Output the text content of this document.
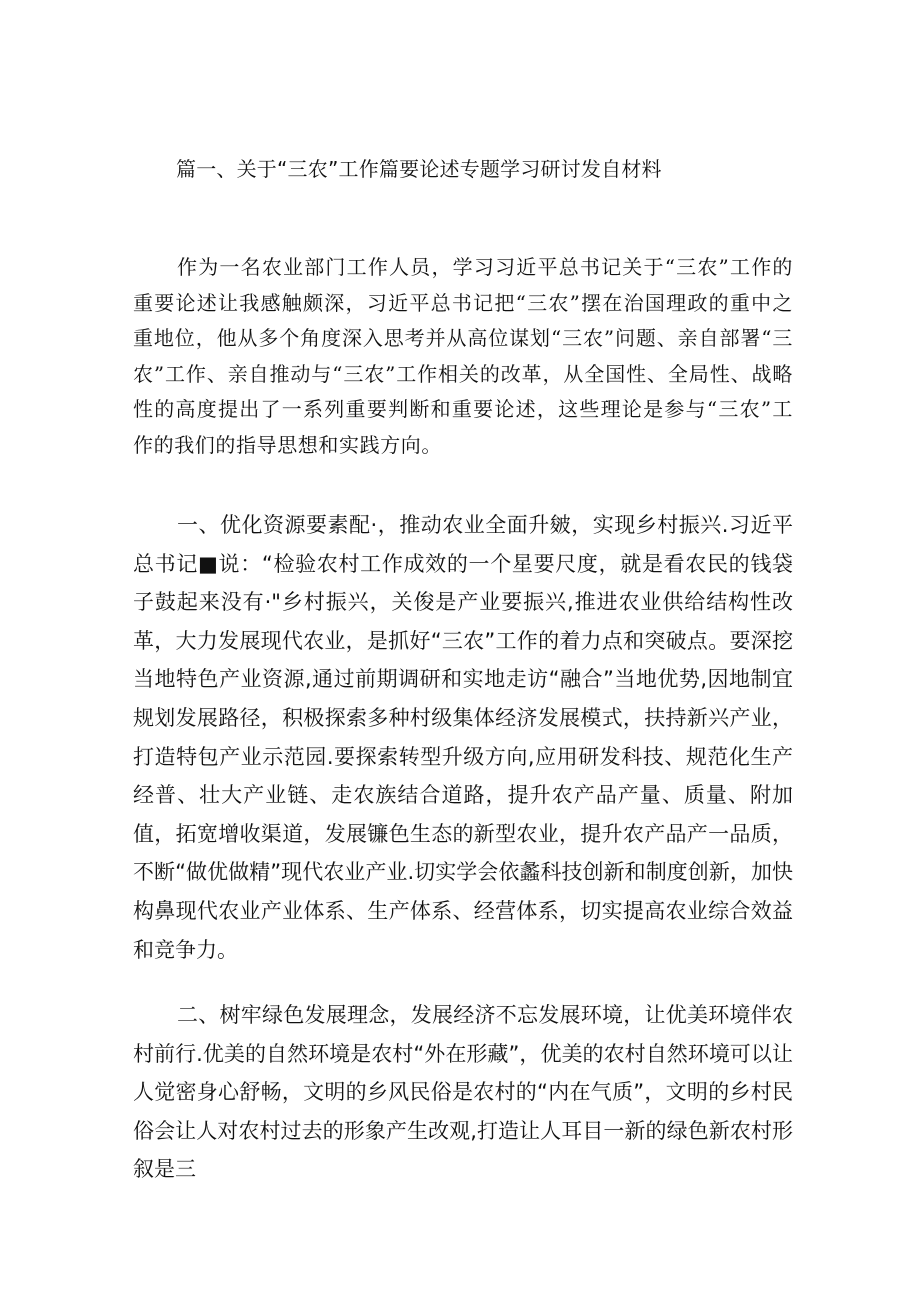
篇一、关于“三农”工作篇要论述专题学习研讨发自材料

作为一名农业部门工作人员，学习习近平总书记关于“三农”工作的重要论述让我感触颇深，习近平总书记把“三农”摆在治国理政的重中之重地位，他从多个角度深入思考并从高位谋划“三农”问题、亲自部署“三农”工作、亲自推动与“三农”工作相关的改革，从全国性、全局性、战略性的高度提出了一系列重要判断和重要论述，这些理论是参与“三农”工作的我们的指导思想和实践方向。

一、优化资源要素配·，推动农业全面升皴，实现乡村振兴.习近平总书记■说：“检验农村工作成效的一个星要尺度，就是看农民的钱袋子鼓起来没有·"乡村振兴，关俊是产业要振兴,推进农业供给结构性改革，大力发展现代农业，是抓好“三农”工作的着力点和突破点。要深挖当地特色产业资源,通过前期调研和实地走访“融合”当地优势,因地制宜规划发展路径，积极探索多种村级集体经济发展模式，扶持新兴产业，打造特包产业示范园.要探索转型升级方向,应用研发科技、规范化生产经普、壮大产业链、走农族结合道路，提升农产品产量、质量、附加值，拓宽增收渠道，发展镰色生态的新型农业，提升农产品产一品质，不断“做优做精”现代农业产业.切实学会依蠡科技创新和制度创新，加快构鼻现代农业产业体系、生产体系、经营体系，切实提高农业综合效益和竞争力。

二、树牢绿色发展理念，发展经济不忘发展环境，让优美环境伴农村前行.优美的自然环境是农村“外在形藏”，优美的农村自然环境可以让人觉密身心舒畅，文明的乡风民俗是农村的“内在气质”，文明的乡村民俗会让人对农村过去的形象产生改观,打造让人耳目一新的绿色新农村形叙是三
